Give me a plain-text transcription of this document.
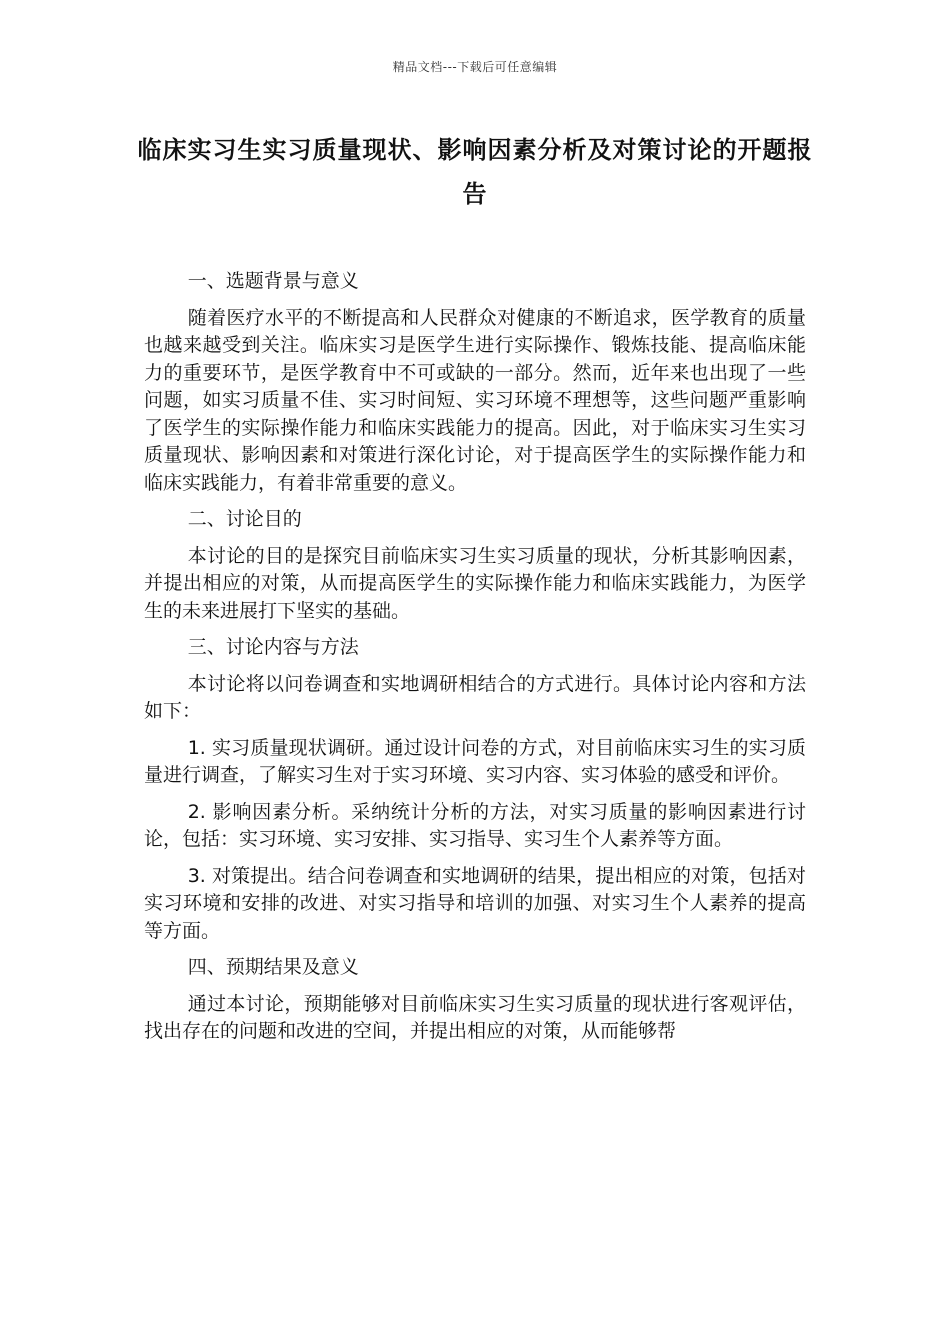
精品文档---下载后可任意编辑
临床实习生实习质量现状、影响因素分析及对策讨论的开题报告

一、选题背景与意义

随着医疗水平的不断提高和人民群众对健康的不断追求，医学教育的质量也越来越受到关注。临床实习是医学生进行实际操作、锻炼技能、提高临床能力的重要环节，是医学教育中不可或缺的一部分。然而，近年来也出现了一些问题，如实习质量不佳、实习时间短、实习环境不理想等，这些问题严重影响了医学生的实际操作能力和临床实践能力的提高。因此，对于临床实习生实习质量现状、影响因素和对策进行深化讨论，对于提高医学生的实际操作能力和临床实践能力，有着非常重要的意义。

二、讨论目的

本讨论的目的是探究目前临床实习生实习质量的现状，分析其影响因素，并提出相应的对策，从而提高医学生的实际操作能力和临床实践能力，为医学生的未来进展打下坚实的基础。

三、讨论内容与方法

本讨论将以问卷调查和实地调研相结合的方式进行。具体讨论内容和方法如下：

1. 实习质量现状调研。通过设计问卷的方式，对目前临床实习生的实习质量进行调查，了解实习生对于实习环境、实习内容、实习体验的感受和评价。

2. 影响因素分析。采纳统计分析的方法，对实习质量的影响因素进行讨论，包括：实习环境、实习安排、实习指导、实习生个人素养等方面。

3. 对策提出。结合问卷调查和实地调研的结果，提出相应的对策，包括对实习环境和安排的改进、对实习指导和培训的加强、对实习生个人素养的提高等方面。

四、预期结果及意义

通过本讨论，预期能够对目前临床实习生实习质量的现状进行客观评估，找出存在的问题和改进的空间，并提出相应的对策，从而能够帮
